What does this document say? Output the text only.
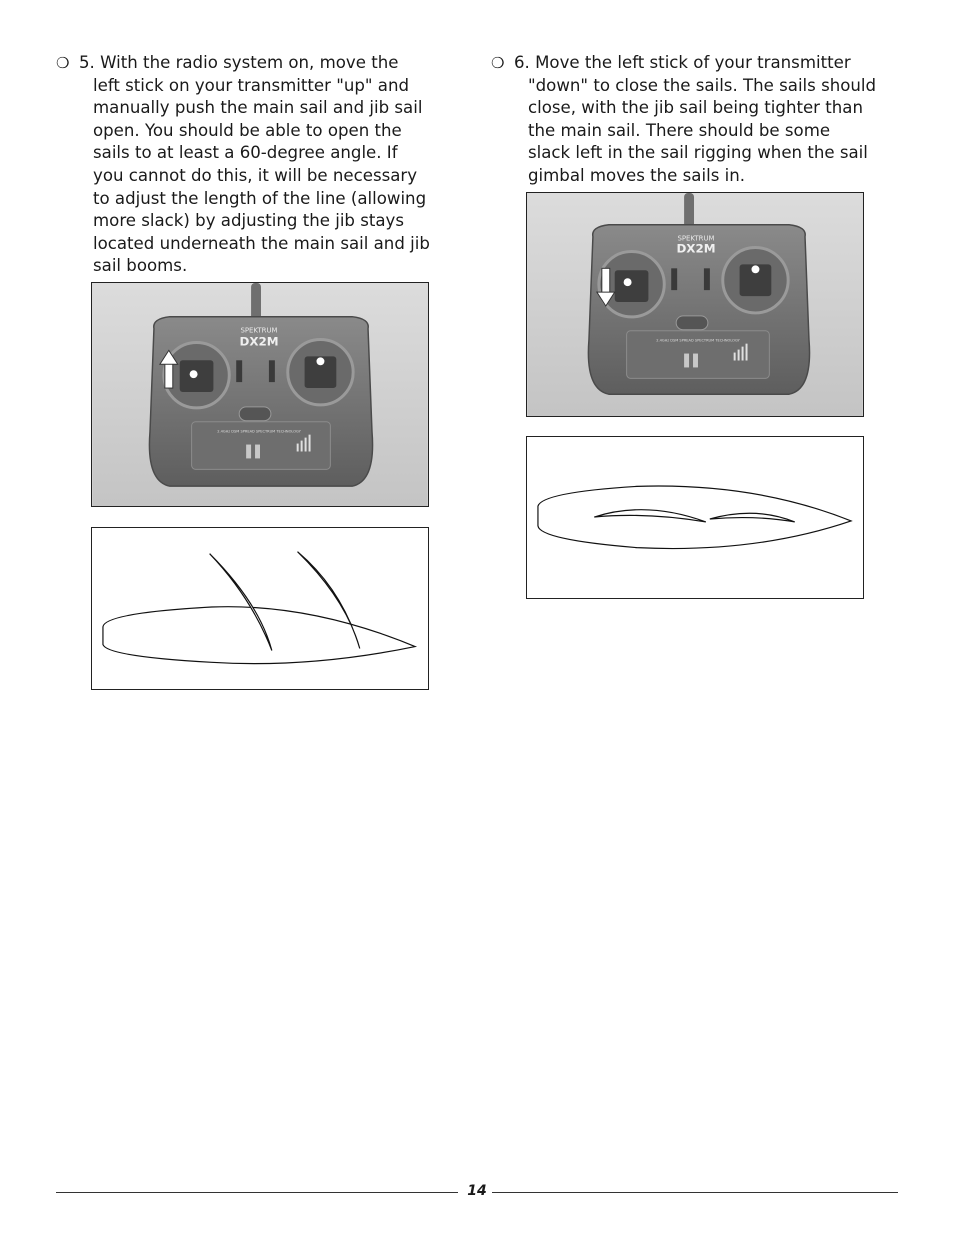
❍ 5. With the radio system on, move the
left stick on your transmitter "up" and
manually push the main sail and jib sail
open. You should be able to open the
sails to at least a 60-degree angle. If
you cannot do this, it will be necessary
to adjust the length of the line (allowing
more slack) by adjusting the jib stays
located underneath the main sail and jib
sail booms.
❍ 6. Move the left stick of your transmitter
"down" to close the sails. The sails should
close, with the jib sail being tighter than
the main sail. There should be some
slack left in the sail rigging when the sail
gimbal moves the sails in.
SPEKTRUM
DX2M
2.4GHz DSM SPREAD SPECTRUM TECHNOLOGY
SPEKTRUM
DX2M
2.4GHz DSM SPREAD SPECTRUM TECHNOLOGY
14
